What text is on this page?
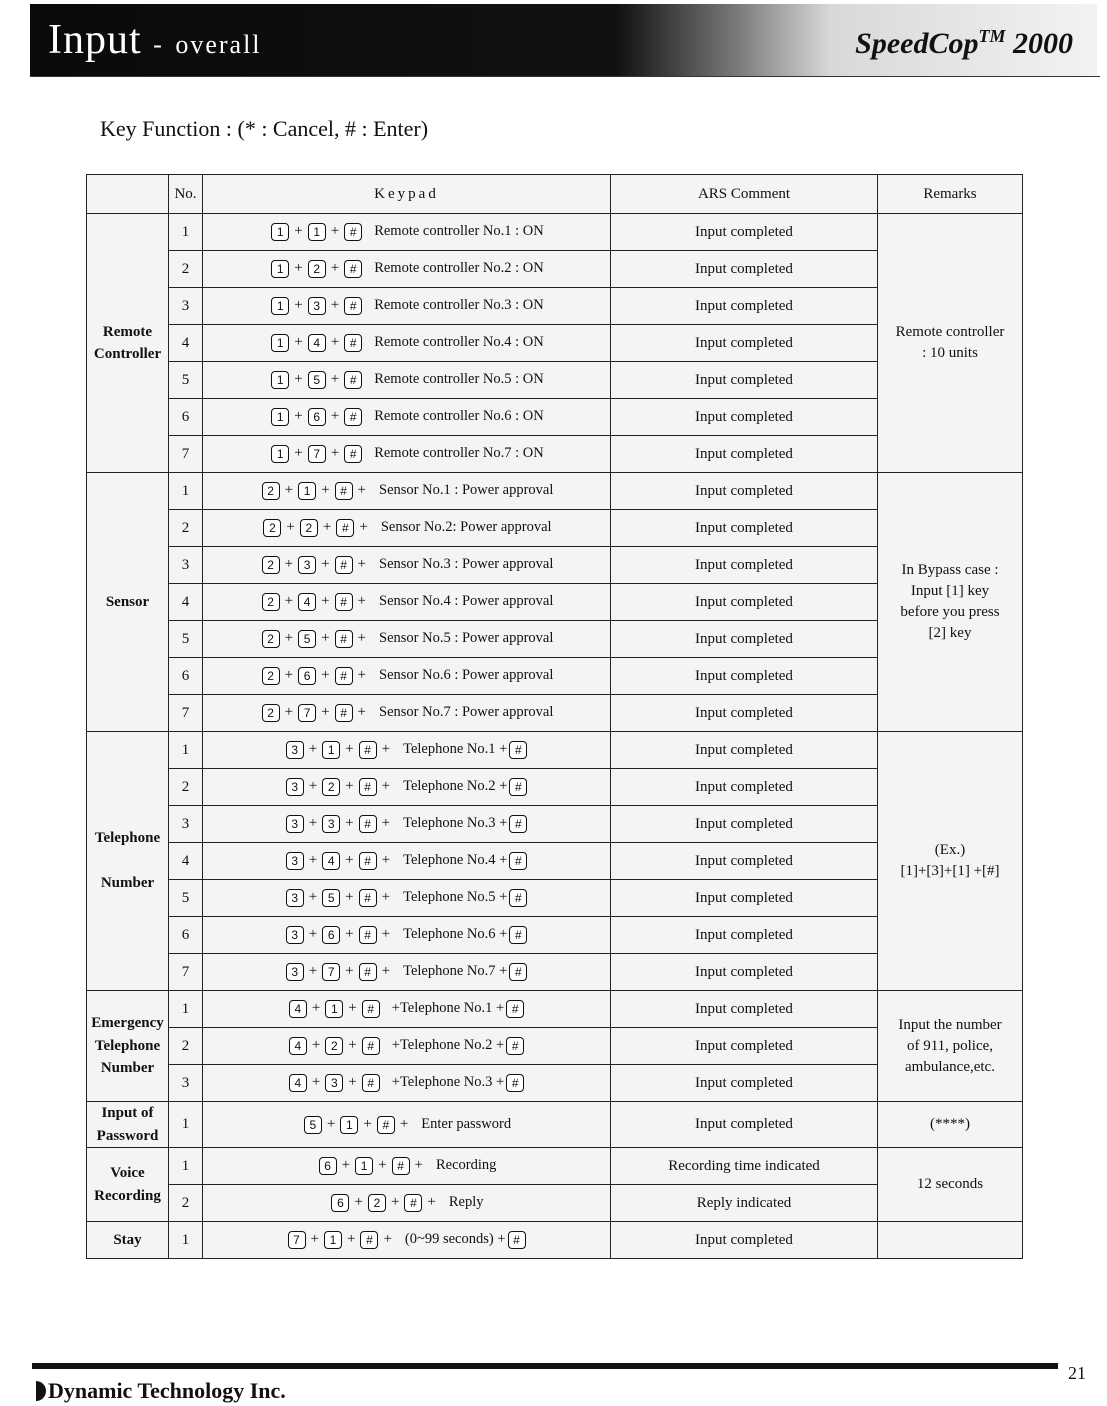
Input - overall	SpeedCop™ 2000
Key Function : (* : Cancel, # : Enter)
	No.	Keypad	ARS Comment	Remarks
Remote
Controller	1	1 + 1 + # Remote controller No.1 : ON	Input completed	Remote controller
: 10 units
	2	1 + 2 + # Remote controller No.2 : ON	Input completed	
	3	1 + 3 + # Remote controller No.3 : ON	Input completed	
	4	1 + 4 + # Remote controller No.4 : ON	Input completed	
	5	1 + 5 + # Remote controller No.5 : ON	Input completed	
	6	1 + 6 + # Remote controller No.6 : ON	Input completed	
	7	1 + 7 + # Remote controller No.7 : ON	Input completed	
Sensor	1	2 + 1 + # + Sensor No.1 : Power approval	Input completed	In Bypass case :
Input [1] key
before you press
[2] key
	2	2 + 2 + # + Sensor No.2: Power approval	Input completed	
	3	2 + 3 + # + Sensor No.3 : Power approval	Input completed	
	4	2 + 4 + # + Sensor No.4 : Power approval	Input completed	
	5	2 + 5 + # + Sensor No.5 : Power approval	Input completed	
	6	2 + 6 + # + Sensor No.6 : Power approval	Input completed	
	7	2 + 7 + # + Sensor No.7 : Power approval	Input completed	
Telephone

Number	1	3 + 1 + # + Telephone No.1 + #	Input completed	(Ex.)
[1]+[3]+[1] +[#]
	2	3 + 2 + # + Telephone No.2 + #	Input completed	
	3	3 + 3 + # + Telephone No.3 + #	Input completed	
	4	3 + 4 + # + Telephone No.4 + #	Input completed	
	5	3 + 5 + # + Telephone No.5 + #	Input completed	
	6	3 + 6 + # + Telephone No.6 + #	Input completed	
	7	3 + 7 + # + Telephone No.7 + #	Input completed	
Emergency
Telephone
Number	1	4 + 1 + # +Telephone No.1 + #	Input completed	Input the number
of 911, police,
ambulance,etc.
	2	4 + 2 + # +Telephone No.2 + #	Input completed	
	3	4 + 3 + # +Telephone No.3 + #	Input completed	
Input of
Password	1	5 + 1 + # + Enter password	Input completed	(****)
Voice
Recording	1	6 + 1 + # + Recording	Recording time indicated	12 seconds
	2	6 + 2 + # + Reply	Reply indicated	
Stay	1	7 + 1 + # + (0~99 seconds) + #	Input completed	
21
Dynamic Technology Inc.
